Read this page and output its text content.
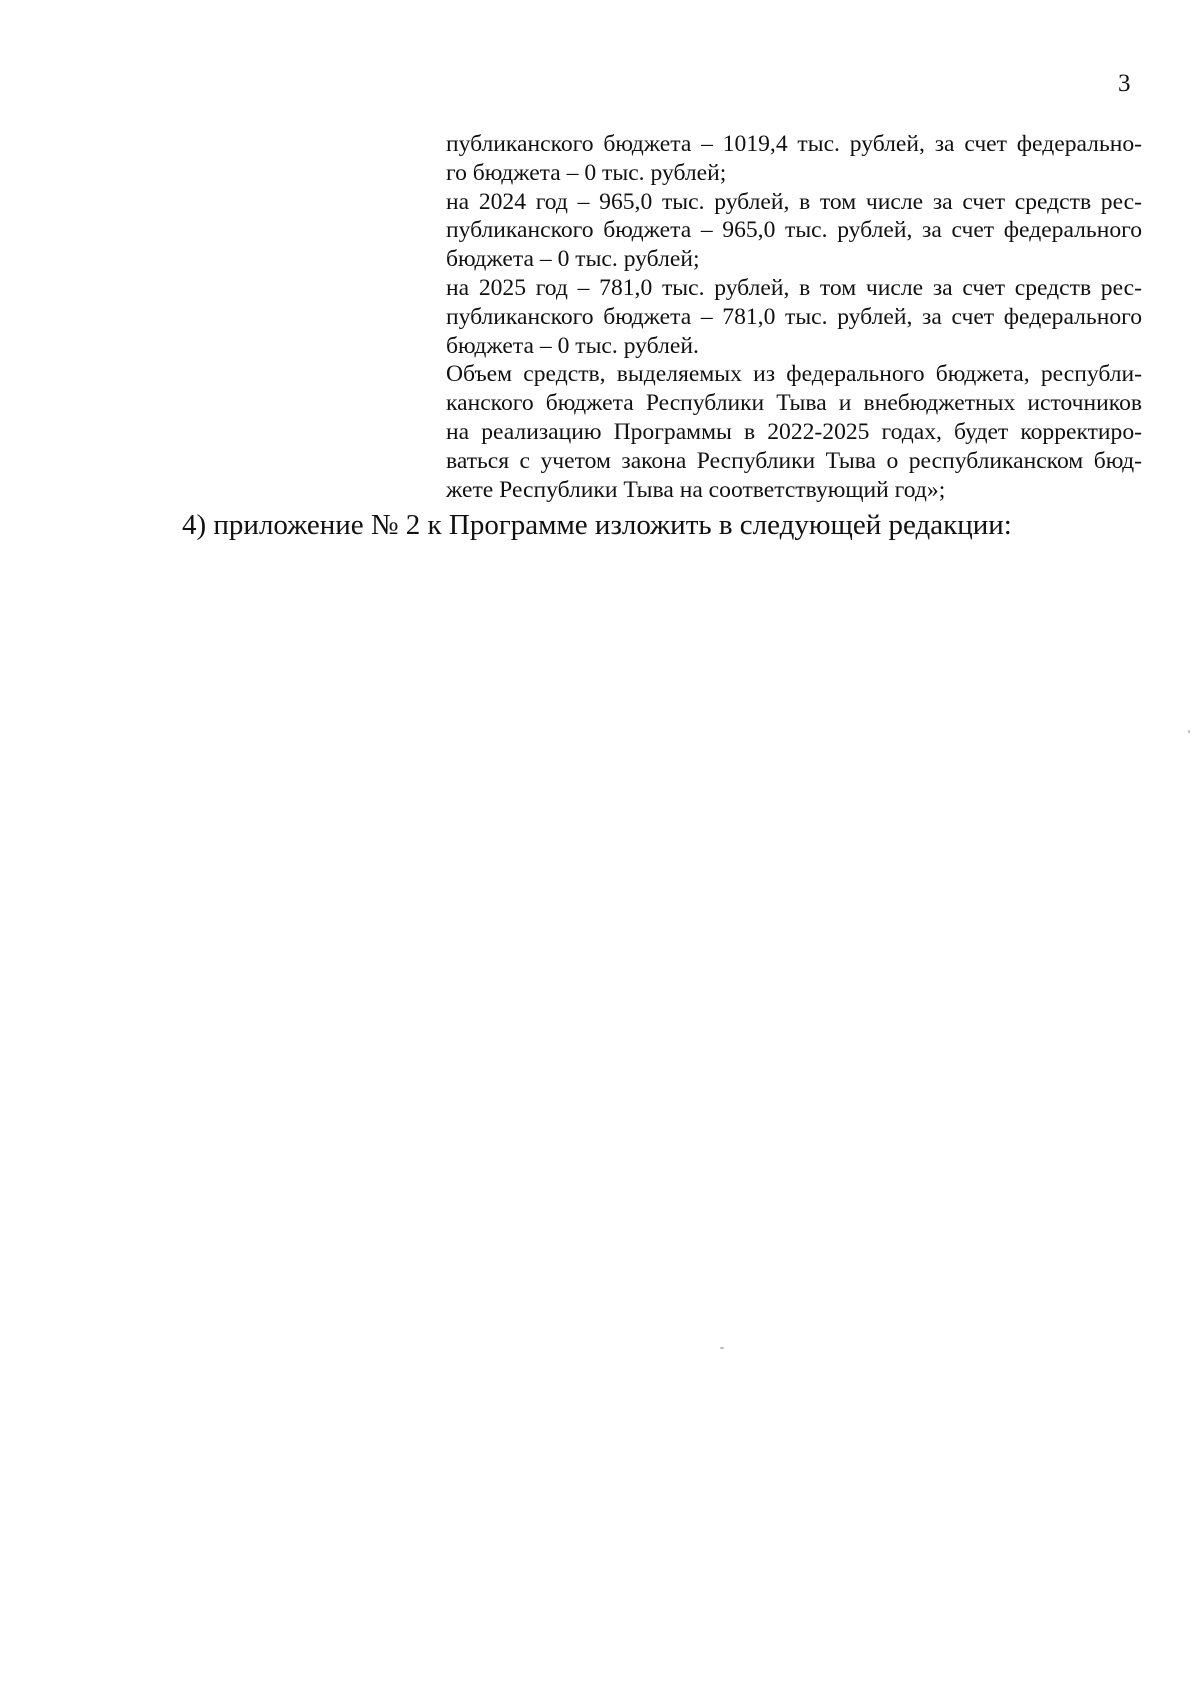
3

публиканского бюджета – 1019,4 тыс. рублей, за счет федерально-

го бюджета – 0 тыс. рублей;

на 2024 год – 965,0 тыс. рублей, в том числе за счет средств рес-

публиканского бюджета – 965,0 тыс. рублей, за счет федерального

бюджета – 0 тыс. рублей;

на 2025 год – 781,0 тыс. рублей, в том числе за счет средств рес-

публиканского бюджета – 781,0 тыс. рублей, за счет федерального

бюджета – 0 тыс. рублей.

Объем средств, выделяемых из федерального бюджета, республи-

канского бюджета Республики Тыва и внебюджетных источников

на реализацию Программы в 2022-2025 годах, будет корректиро-

ваться с учетом закона Республики Тыва о республиканском бюд-

жете Республики Тыва на соответствующий год»;

4) приложение № 2 к Программе изложить в следующей редакции:
